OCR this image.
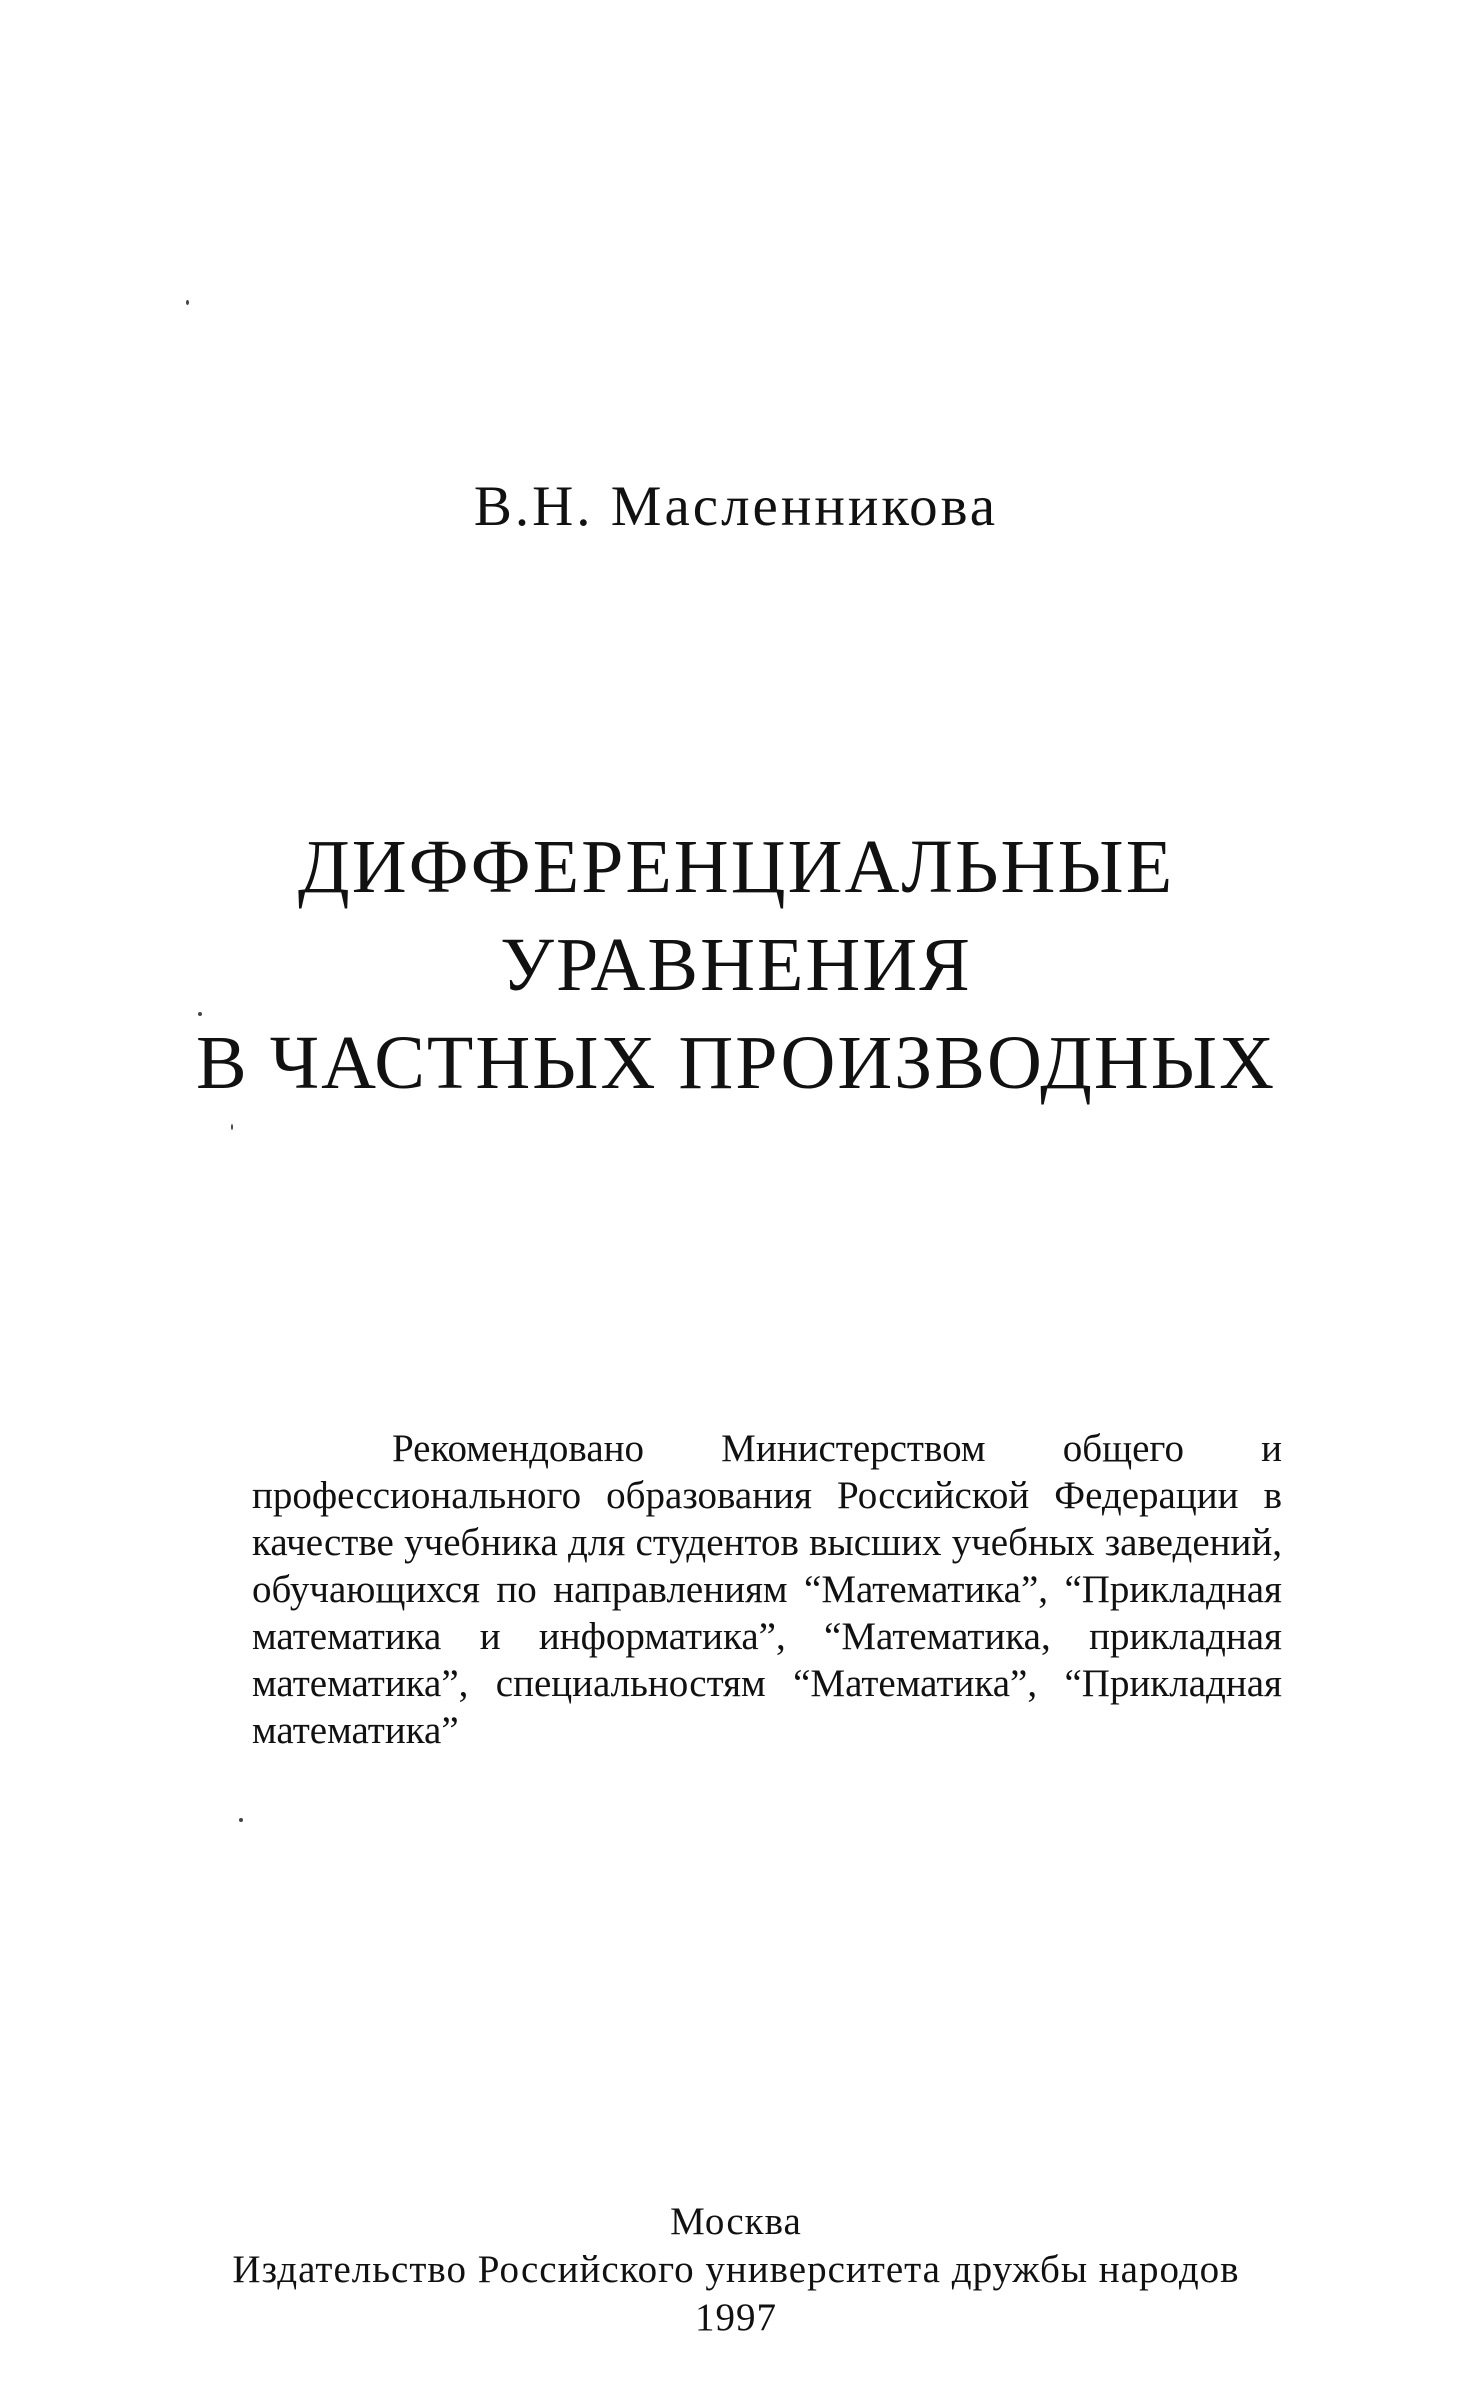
В.Н. Масленникова
ДИФФЕРЕНЦИАЛЬНЫЕ
УРАВНЕНИЯ
В ЧАСТНЫХ ПРОИЗВОДНЫХ
Рекомендовано Министерством общего и профессионального образования Российской Федерации в качестве учебника для студентов высших учебных заведений, обучающихся по направлениям “Математика”, “Прикладная математика и информатика”, “Математика, прикладная математика”, специальностям “Математика”, “Прикладная математика”
Москва
Издательство Российского университета дружбы народов
1997
